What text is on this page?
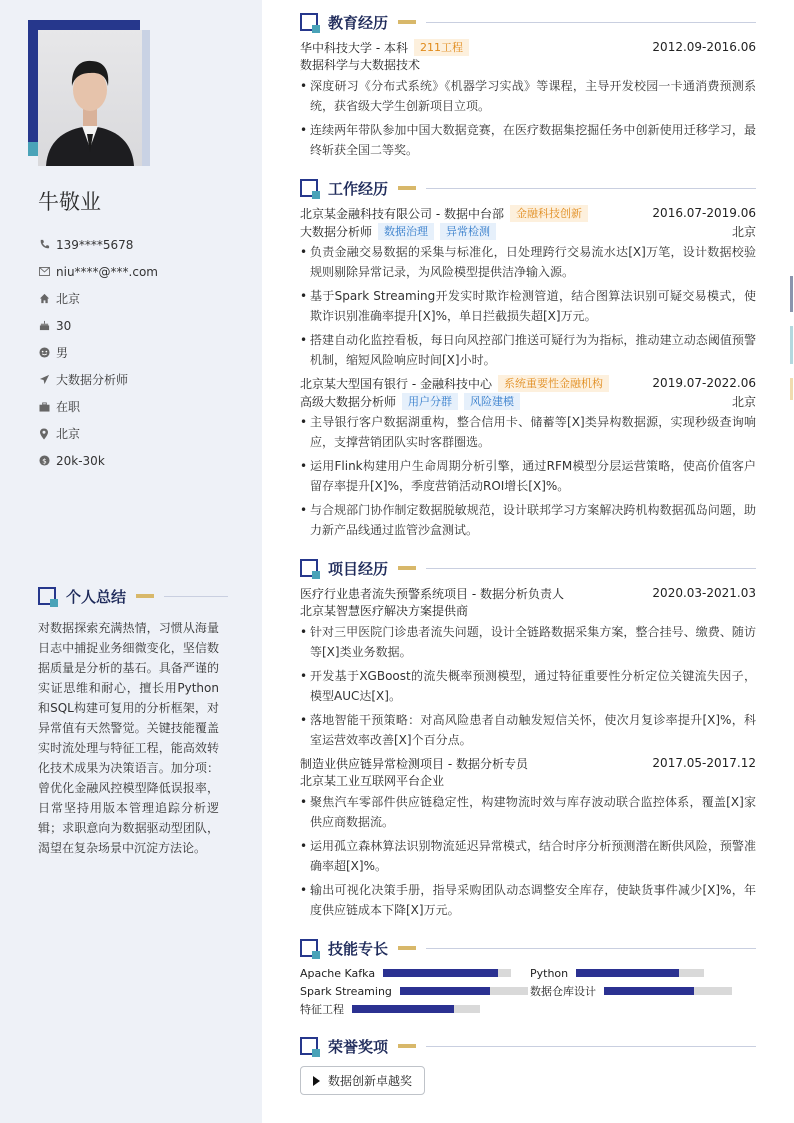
牛敬业
139****5678
niu****@***.com
北京
30
男
大数据分析师
在职
北京
$ 20k-30k
个人总结

对数据探索充满热情，习惯从海量日志中捕捉业务细微变化，坚信数据质量是分析的基石。具备严谨的实证思维和耐心，擅长用Python和SQL构建可复用的分析框架，对异常值有天然警觉。关键技能覆盖实时流处理与特征工程，能高效转化技术成果为决策语言。加分项：曾优化金融风控模型降低误报率，日常坚持用版本管理追踪分析逻辑；求职意向为数据驱动型团队，渴望在复杂场景中沉淀方法论。

教育经历
华中科技大学 - 本科	211工程	2012.09-2016.06
数据科学与大数据技术
• 深度研习《分布式系统》《机器学习实战》等课程，主导开发校园一卡通消费预测系统，获省级大学生创新项目立项。
• 连续两年带队参加中国大数据竞赛，在医疗数据集挖掘任务中创新使用迁移学习，最终斩获全国二等奖。
工作经历
北京某金融科技有限公司 - 数据中台部	金融科技创新	2016.07-2019.06
大数据分析师	数据治理	异常检测	北京
• 负责金融交易数据的采集与标准化，日处理跨行交易流水达[X]万笔，设计数据校验规则剔除异常记录，为风险模型提供洁净输入源。
• 基于Spark Streaming开发实时欺诈检测管道，结合图算法识别可疑交易模式，使欺诈识别准确率提升[X]%，单日拦截损失超[X]万元。
• 搭建自动化监控看板，每日向风控部门推送可疑行为为指标，推动建立动态阈值预警机制，缩短风险响应时间[X]小时。
北京某大型国有银行 - 金融科技中心	系统重要性金融机构	2019.07-2022.06
高级大数据分析师	用户分群	风险建模	北京
• 主导银行客户数据湖重构，整合信用卡、储蓄等[X]类异构数据源，实现秒级查询响应，支撑营销团队实时客群圈选。
• 运用Flink构建用户生命周期分析引擎，通过RFM模型分层运营策略，使高价值客户留存率提升[X]%，季度营销活动ROI增长[X]%。
• 与合规部门协作制定数据脱敏规范，设计联邦学习方案解决跨机构数据孤岛问题，助力新产品线通过监管沙盒测试。
项目经历
医疗行业患者流失预警系统项目 - 数据分析负责人	2020.03-2021.03
北京某智慧医疗解决方案提供商
• 针对三甲医院门诊患者流失问题，设计全链路数据采集方案，整合挂号、缴费、随访等[X]类业务数据。
• 开发基于XGBoost的流失概率预测模型，通过特征重要性分析定位关键流失因子，模型AUC达[X]。
• 落地智能干预策略：对高风险患者自动触发短信关怀，使次月复诊率提升[X]%，科室运营效率改善[X]个百分点。
制造业供应链异常检测项目 - 数据分析专员	2017.05-2017.12
北京某工业互联网平台企业
• 聚焦汽车零部件供应链稳定性，构建物流时效与库存波动联合监控体系，覆盖[X]家供应商数据流。
• 运用孤立森林算法识别物流延迟异常模式，结合时序分析预测潜在断供风险，预警准确率超[X]%。
• 输出可视化决策手册，指导采购团队动态调整安全库存，使缺货事件减少[X]%，年度供应链成本下降[X]万元。
技能专长
Apache Kafka	Python
Spark Streaming	数据仓库设计
特征工程
荣誉奖项
数据创新卓越奖
